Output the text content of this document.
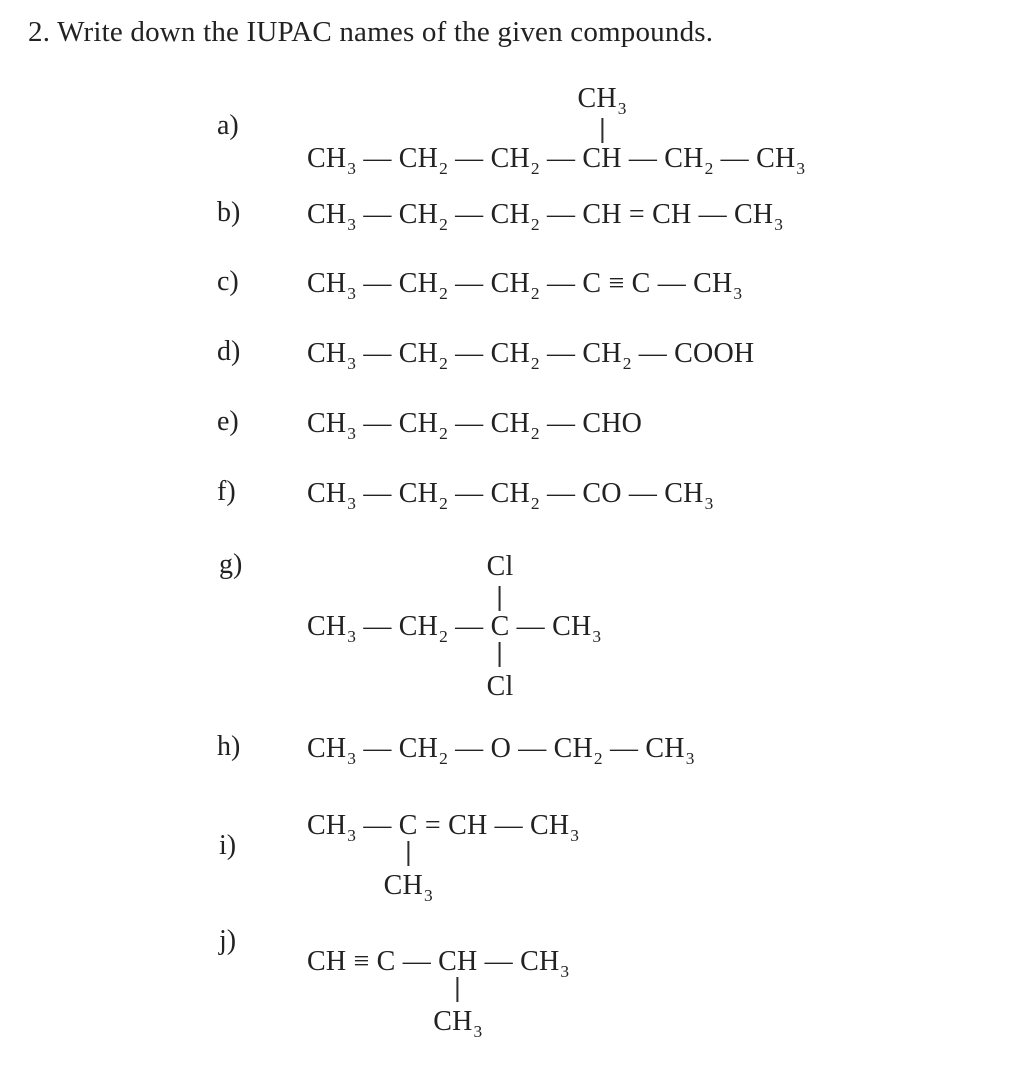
2. Write down the IUPAC names of the given compounds.
a)
$CH_3$ — $CH_2$ — $CH_2$ — CH
$CH_3$
— $CH_2$ — $CH_3$
b) $CH_3$ — $CH_2$ — $CH_2$ — CH = CH — $CH_3$
c) $CH_3$ — $CH_2$ — $CH_2$ — C ≡ C — $CH_3$
d) $CH_3$ — $CH_2$ — $CH_2$ — $CH_2$ — COOH
e) $CH_3$ — $CH_2$ — $CH_2$ — CHO
f)	$CH_3$ — $CH_2$ — $CH_2$ — CO — $CH_3$
g)
$CH_3$ — $CH_2$ — C
Cl
Cl
— $CH_3$
h) $CH_3$ — $CH_2$ — O — $CH_2$ — $CH_3$
i)
$CH_3$ — C
$CH_3$
= CH — $CH_3$
j)
CH ≡ C — CH
$CH_3$
— $CH_3$
